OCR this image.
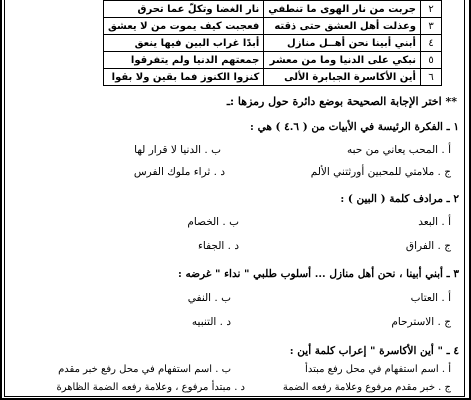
٢	جربت من نار الهوى ما تنطفي	نار الغضا وتكلّ عما تحرق
٣	وعذلت أهل العشق حتى ذقته	فعجبت كيف يموت من لا يعشق
٤	أبني أبينا نحن أهــل منازل	أبدًا غراب البين فيها ينعق
٥	نبكي على الدنيا وما من معشر	جمعتهم الدنيا ولم يتفرقوا
٦	أين الأكاسرة الجبابرة الألى	كنزوا الكنوز فما بقين ولا بقوا
** اختر الإجابة الصحيحة بوضع دائرة حول رمزها :ـ
١ ـ الفكرة الرئيسة في الأبيات من ( ٤.٦ ) هي :
أ . المحب يعاني من حبه
ب . الدنيا لا قرار لها
ج . ملامتي للمحبين أورثتني الألم
د . ثراء ملوك الفرس
٢ ـ مرادف كلمة ( البين ) :
أ . البعد
ب . الخصام
ج . الفراق
د . الجفاء
٣ ـ أبني أبينا ، نحن أهل منازل ... أسلوب طلبي " نداء " غرضه :
أ . العتاب
ب . النفي
ج . الاسترحام
د . التنبيه
٤ ـ " أين الأكاسرة " إعراب كلمة أين :
أ . اسم استفهام في محل رفع مبتدأ
ب . اسم استفهام في محل رفع خبر مقدم
ج . خبر مقدم مرفوع وعلامة رفعه الضمة
د . مبتدأ مرفوع ، وعلامة رفعه الضمة الظاهرة
